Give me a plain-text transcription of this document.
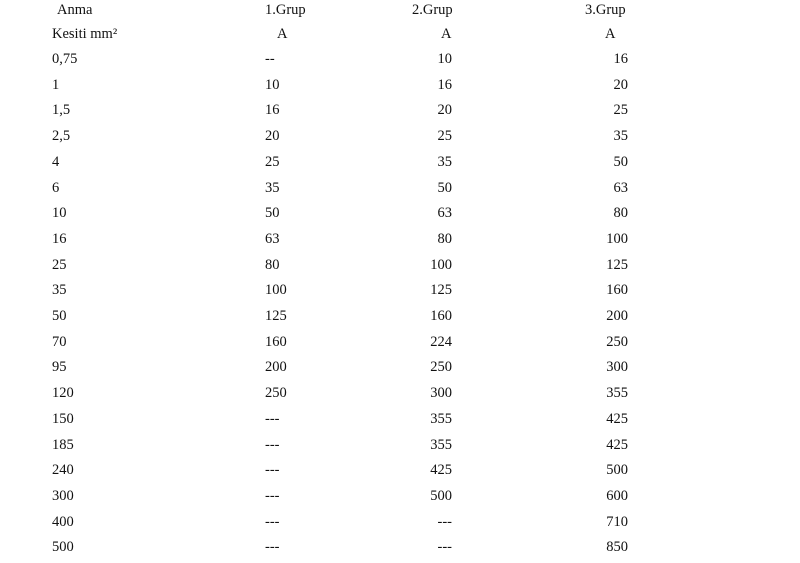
Anma	1.Grup	2.Grup	3.Grup
Kesiti mm²	A	A	A
0,75	--	10	16
1	10	16	20
1,5	16	20	25
2,5	20	25	35
4	25	35	50
6	35	50	63
10	50	63	80
16	63	80	100
25	80	100	125
35	100	125	160
50	125	160	200
70	160	224	250
95	200	250	300
120	250	300	355
150	---	355	425
185	---	355	425
240	---	425	500
300	---	500	600
400	---	---	710
500	---	---	850
